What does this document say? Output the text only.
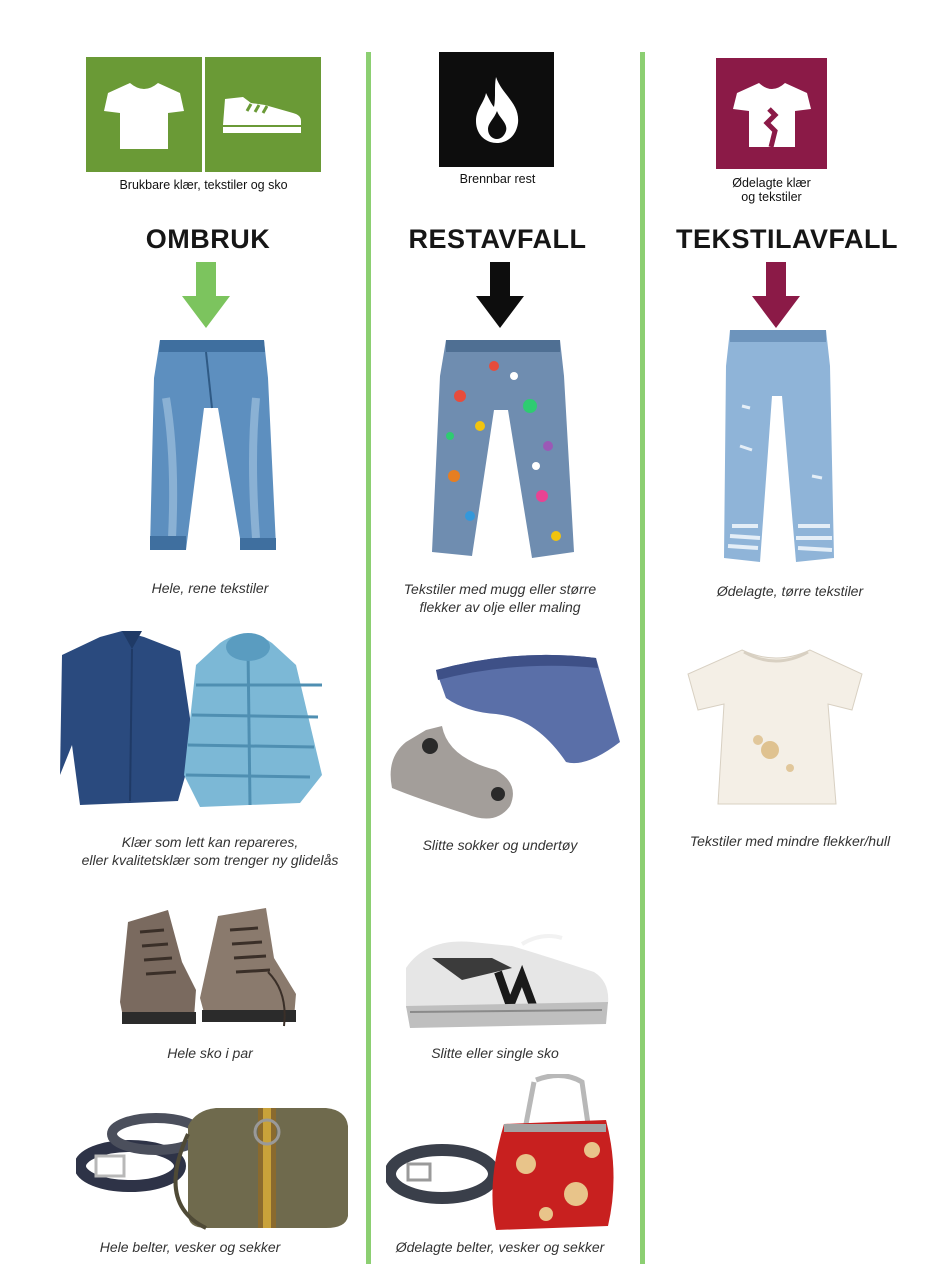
Brukbare klær, tekstiler og sko
OMBRUK
Hele, rene tekstiler
Klær som lett kan repareres,
eller kvalitetsklær som trenger ny glidelås
Hele sko i par
Hele belter, vesker og sekker
Brennbar rest
RESTAVFALL
Tekstiler med mugg eller større
flekker av olje eller maling
Slitte sokker og undertøy
Slitte eller single sko
Ødelagte belter, vesker og sekker
Ødelagte klær
og tekstiler
TEKSTILAVFALL
Ødelagte, tørre tekstiler
Tekstiler med mindre flekker/hull
